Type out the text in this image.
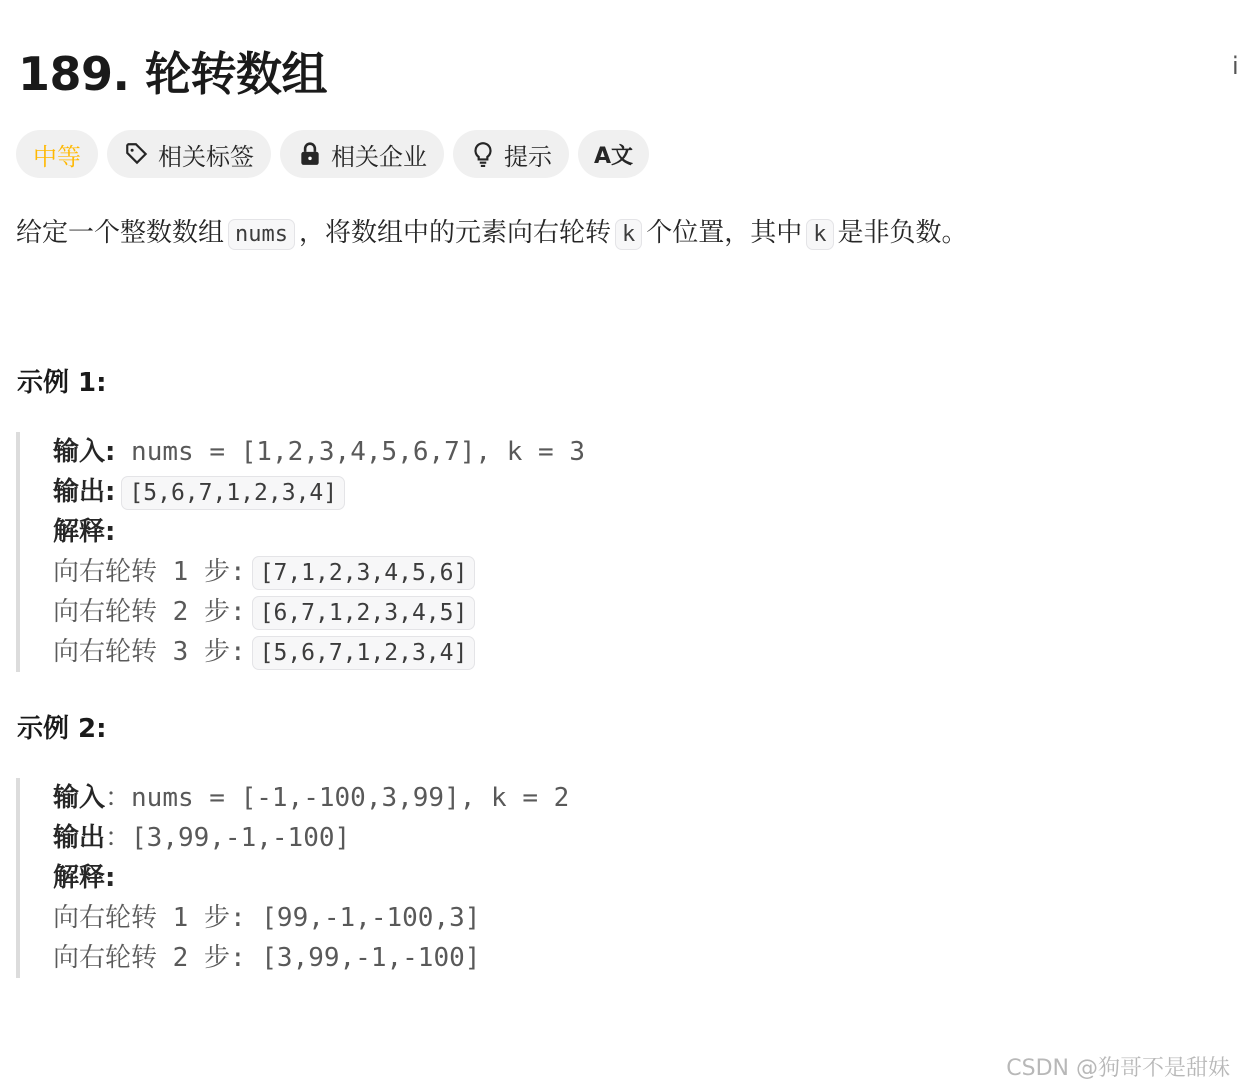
189. 轮转数组	i
中等	相关标签	相关企业	提示 A文

给定一个整数数组 nums ，将数组中的元素向右轮转 k 个位置，其中 k 是非负数。

示例 1:
输入: nums = [1,2,3,4,5,6,7], k = 3
输出: [5,6,7,1,2,3,4]
解释:
向右轮转 1 步: [7,1,2,3,4,5,6]
向右轮转 2 步: [6,7,1,2,3,4,5]
向右轮转 3 步: [5,6,7,1,2,3,4]
示例 2:
输入：nums = [-1,-100,3,99], k = 2
输出：[3,99,-1,-100]
解释:
向右轮转 1 步: [99,-1,-100,3]
向右轮转 2 步: [3,99,-1,-100]
CSDN @狗哥不是甜妹
